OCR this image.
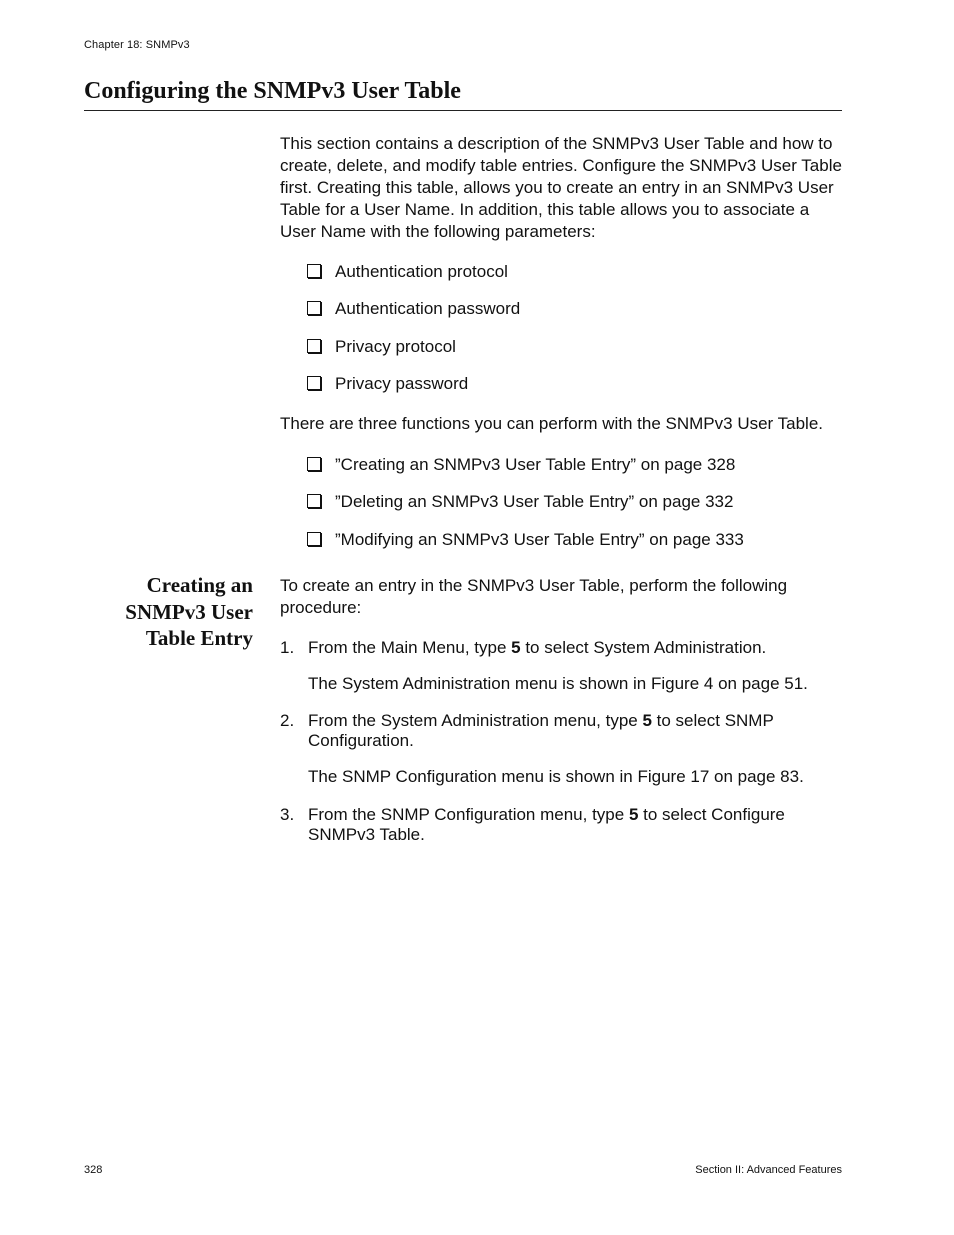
Chapter 18: SNMPv3
Configuring the SNMPv3 User Table
This section contains a description of the SNMPv3 User Table and how to create, delete, and modify table entries. Configure the SNMPv3 User Table first. Creating this table, allows you to create an entry in an SNMPv3 User Table for a User Name. In addition, this table allows you to associate a User Name with the following parameters:
Authentication protocol
Authentication password
Privacy protocol
Privacy password
There are three functions you can perform with the SNMPv3 User Table.
”Creating an SNMPv3 User Table Entry” on page 328
”Deleting an SNMPv3 User Table Entry” on page 332
”Modifying an SNMPv3 User Table Entry” on page 333
Creating an
SNMPv3 User
Table Entry
To create an entry in the SNMPv3 User Table, perform the following procedure:
1. From the Main Menu, type 5 to select System Administration.
The System Administration menu is shown in Figure 4 on page 51.
2. From the System Administration menu, type 5 to select SNMP Configuration.
The SNMP Configuration menu is shown in Figure 17 on page 83.
3. From the SNMP Configuration menu, type 5 to select Configure SNMPv3 Table.
328	Section II: Advanced Features
